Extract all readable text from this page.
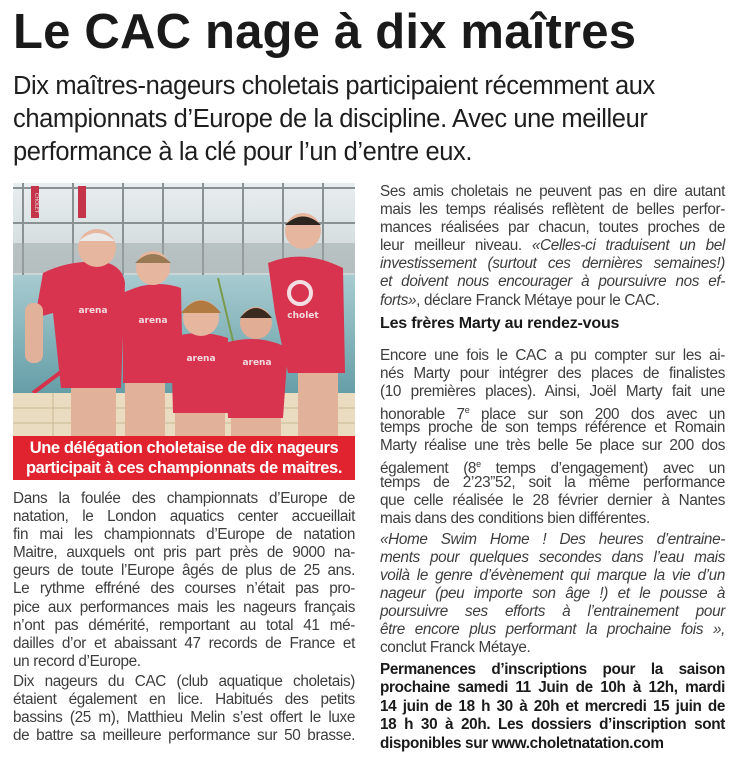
Le CAC nage à dix maîtres
Dix maîtres-nageurs choletais participaient récemment aux
championnats d’Europe de la discipline. Avec une meilleur
performance à la clé pour l’un d’entre eux.
arena
arena
arena	arena
cholet
CHOLET
Une délégation choletaise de dix nageurs
participait à ces championnats de maitres.
Dans la foulée des championnats d’Europe de
natation, le London aquatics center accueillait
fin mai les championnats d’Europe de natation
Maitre, auxquels ont pris part près de 9000 na-
geurs de toute l’Europe âgés de plus de 25 ans.
Le rythme effréné des courses n’était pas pro-
pice aux performances mais les nageurs français
n’ont pas démérité, remportant au total 41 mé-
dailles d’or et abaissant 47 records de France et
un record d’Europe.
Dix nageurs du CAC (club aquatique choletais)
étaient également en lice. Habitués des petits
bassins (25 m), Matthieu Melin s’est offert le luxe
de battre sa meilleure performance sur 50 brasse.
Ses amis choletais ne peuvent pas en dire autant
mais les temps réalisés reflètent de belles perfor-
mances réalisées par chacun, toutes proches de
leur meilleur niveau. «Celles-ci traduisent un bel
investissement (surtout ces dernières semaines!)
et doivent nous encourager à poursuivre nos ef-
forts», déclare Franck Métaye pour le CAC.
Les frères Marty au rendez-vous
Encore une fois le CAC a pu compter sur les ai-
nés Marty pour intégrer des places de finalistes
(10 premières places). Ainsi, Joël Marty fait une
honorable 7e place sur son 200 dos avec un
temps proche de son temps référence et Romain
Marty réalise une très belle 5e place sur 200 dos
également (8e temps d’engagement) avec un
temps de 2’23”52, soit la même performance
que celle réalisée le 28 février dernier à Nantes
mais dans des conditions bien différentes.
«Home Swim Home ! Des heures d’entraine-
ments pour quelques secondes dans l’eau mais
voilà le genre d’évènement qui marque la vie d’un
nageur (peu importe son âge !) et le pousse à
poursuivre ses efforts à l’entrainement pour
être encore plus performant la prochaine fois »,
conclut Franck Métaye.
Permanences d’inscriptions pour la saison
prochaine samedi 11 Juin de 10h à 12h, mardi
14 juin de 18 h 30 à 20h et mercredi 15 juin de
18 h 30 à 20h. Les dossiers d’inscription sont
disponibles sur www.choletnatation.com
